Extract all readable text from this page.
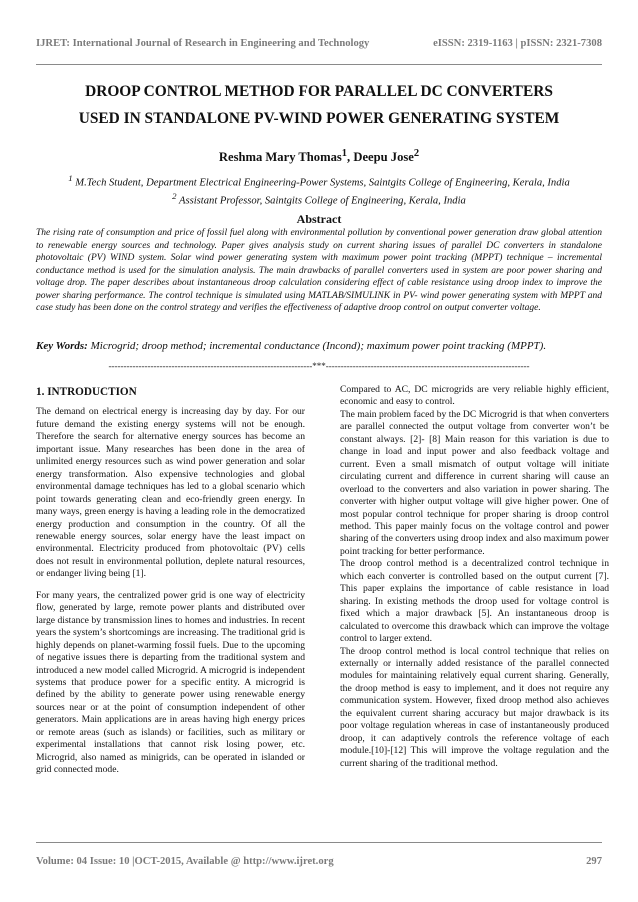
IJRET: International Journal of Research in Engineering and Technology	eISSN: 2319-1163 | pISSN: 2321-7308
DROOP CONTROL METHOD FOR PARALLEL DC CONVERTERS
USED IN STANDALONE PV-WIND POWER GENERATING SYSTEM
Reshma Mary Thomas$^1$, Deepu Jose$^2$
$^1$ M.Tech Student, Department Electrical Engineering-Power Systems, Saintgits College of Engineering, Kerala, India
$^2$ Assistant Professor, Saintgits College of Engineering, Kerala, India
Abstract
The rising rate of consumption and price of fossil fuel along with environmental pollution by conventional power generation draw global attention to renewable energy sources and technology. Paper gives analysis study on current sharing issues of parallel DC converters in standalone photovoltaic (PV) WIND system. Solar wind power generating system with maximum power point tracking (MPPT) technique – incremental conductance method is used for the simulation analysis. The main drawbacks of parallel converters used in system are poor power sharing and voltage drop. The paper describes about instantaneous droop calculation considering effect of cable resistance using droop index to improve the power sharing performance. The control technique is simulated using MATLAB/SIMULINK in PV- wind power generating system with MPPT and case study has been done on the control strategy and verifies the effectiveness of adaptive droop control on output converter voltage.
Key Words: Microgrid; droop method; incremental conductance (Incond); maximum power point tracking (MPPT).
--------------------------------------------------------------------***--------------------------------------------------------------------

1. INTRODUCTION

The demand on electrical energy is increasing day by day. For our future demand the existing energy systems will not be enough. Therefore the search for alternative energy sources has become an important issue. Many researches has been done in the area of unlimited energy resources such as wind power generation and solar energy transformation. Also expensive technologies and global environmental damage techniques has led to a global scenario which point towards generating clean and eco-friendly green energy. In many ways, green energy is having a leading role in the democratized energy production and consumption in the country. Of all the renewable energy sources, solar energy have the least impact on environmental. Electricity produced from photovoltaic (PV) cells does not result in environmental pollution, deplete natural resources, or endanger living being [1].

For many years, the centralized power grid is one way of electricity flow, generated by large, remote power plants and distributed over large distance by transmission lines to homes and industries. In recent years the system’s shortcomings are increasing. The traditional grid is highly depends on planet-warming fossil fuels. Due to the upcoming of negative issues there is departing from the traditional system and introduced a new model called Microgrid. A microgrid is independent systems that produce power for a specific entity. A microgrid is defined by the ability to generate power using renewable energy sources near or at the point of consumption independent of other generators. Main applications are in areas having high energy prices or remote areas (such as islands) or facilities, such as military or experimental installations that cannot risk losing power, etc. Microgrid, also named as minigrids, can be operated in islanded or grid connected mode.

Compared to AC, DC microgrids are very reliable highly efficient, economic and easy to control.

The main problem faced by the DC Microgrid is that when converters are parallel connected the output voltage from converter won’t be constant always. [2]- [8] Main reason for this variation is due to change in load and input power and also feedback voltage and current. Even a small mismatch of output voltage will initiate circulating current and difference in current sharing will cause an overload to the converters and also variation in power sharing. The converter with higher output voltage will give higher power. One of most popular control technique for proper sharing is droop control method. This paper mainly focus on the voltage control and power sharing of the converters using droop index and also maximum power point tracking for better performance.

The droop control method is a decentralized control technique in which each converter is controlled based on the output current [7]. This paper explains the importance of cable resistance in load sharing. In existing methods the droop used for voltage control is fixed which a major drawback [5]. An instantaneous droop is calculated to overcome this drawback which can improve the voltage control to larger extend.

The droop control method is local control technique that relies on externally or internally added resistance of the parallel connected modules for maintaining relatively equal current sharing. Generally, the droop method is easy to implement, and it does not require any communication system. However, fixed droop method also achieves the equivalent current sharing accuracy but major drawback is its poor voltage regulation whereas in case of instantaneously produced droop, it can adaptively controls the reference voltage of each module.[10]-[12] This will improve the voltage regulation and the current sharing of the traditional method.

Volume: 04 Issue: 10 |OCT-2015, Available @ http://www.ijret.org	297
